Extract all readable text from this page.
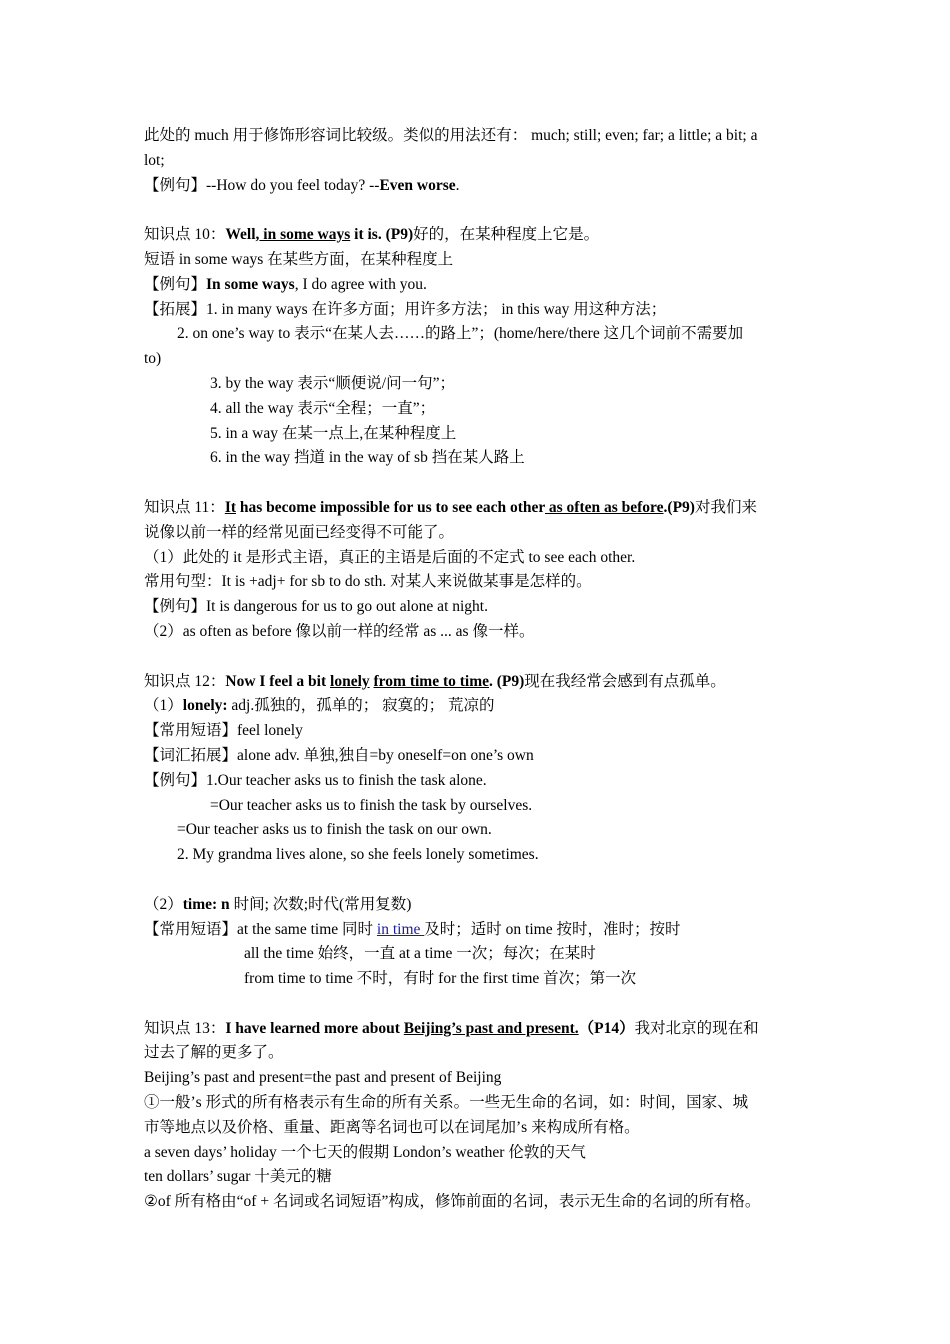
此处的 much 用于修饰形容词比较级。类似的用法还有： much; still; even; far; a little; a bit; a
lot;
【例句】--How do you feel today? --Even worse.
知识点 10：Well, in some ways it is. (P9)好的，在某种程度上它是。
短语 in some ways 在某些方面，在某种程度上
【例句】In some ways, I do agree with you.
【拓展】1. in many ways 在许多方面；用许多方法； in this way 用这种方法；
2. on one’s way to 表示“在某人去……的路上”；(home/here/there 这几个词前不需要加
to)
3. by the way 表示“顺便说/问一句”；
4. all the way 表示“全程；一直”；
5. in a way 在某一点上,在某种程度上
6. in the way 挡道 in the way of sb 挡在某人路上
知识点 11：It has become impossible for us to see each other as often as before.(P9)对我们来
说像以前一样的经常见面已经变得不可能了。
（1）此处的 it 是形式主语，真正的主语是后面的不定式 to see each other.
常用句型：It is +adj+ for sb to do sth. 对某人来说做某事是怎样的。
【例句】It is dangerous for us to go out alone at night.
（2）as often as before 像以前一样的经常 as ... as 像一样。
知识点 12：Now I feel a bit lonely from time to time. (P9)现在我经常会感到有点孤单。
（1）lonely: adj.孤独的，孤单的； 寂寞的； 荒凉的
【常用短语】feel lonely
【词汇拓展】alone adv. 单独,独自=by oneself=on one’s own
【例句】1.Our teacher asks us to finish the task alone.
=Our teacher asks us to finish the task by ourselves.
=Our teacher asks us to finish the task on our own.
2. My grandma lives alone, so she feels lonely sometimes.
（2）time: n 时间; 次数;时代(常用复数)
【常用短语】at the same time 同时 in time 及时；适时 on time 按时，准时；按时
all the time 始终，一直 at a time 一次；每次；在某时
from time to time 不时，有时 for the first time 首次；第一次
知识点 13：I have learned more about Beijing’s past and present.（P14）我对北京的现在和
过去了解的更多了。
Beijing’s past and present=the past and present of Beijing
①一般’s 形式的所有格表示有生命的所有关系。一些无生命的名词，如：时间，国家、城
市等地点以及价格、重量、距离等名词也可以在词尾加’s 来构成所有格。
a seven days’ holiday 一个七天的假期 London’s weather 伦敦的天气
ten dollars’ sugar 十美元的糖
②of 所有格由“of + 名词或名词短语”构成，修饰前面的名词，表示无生命的名词的所有格。
